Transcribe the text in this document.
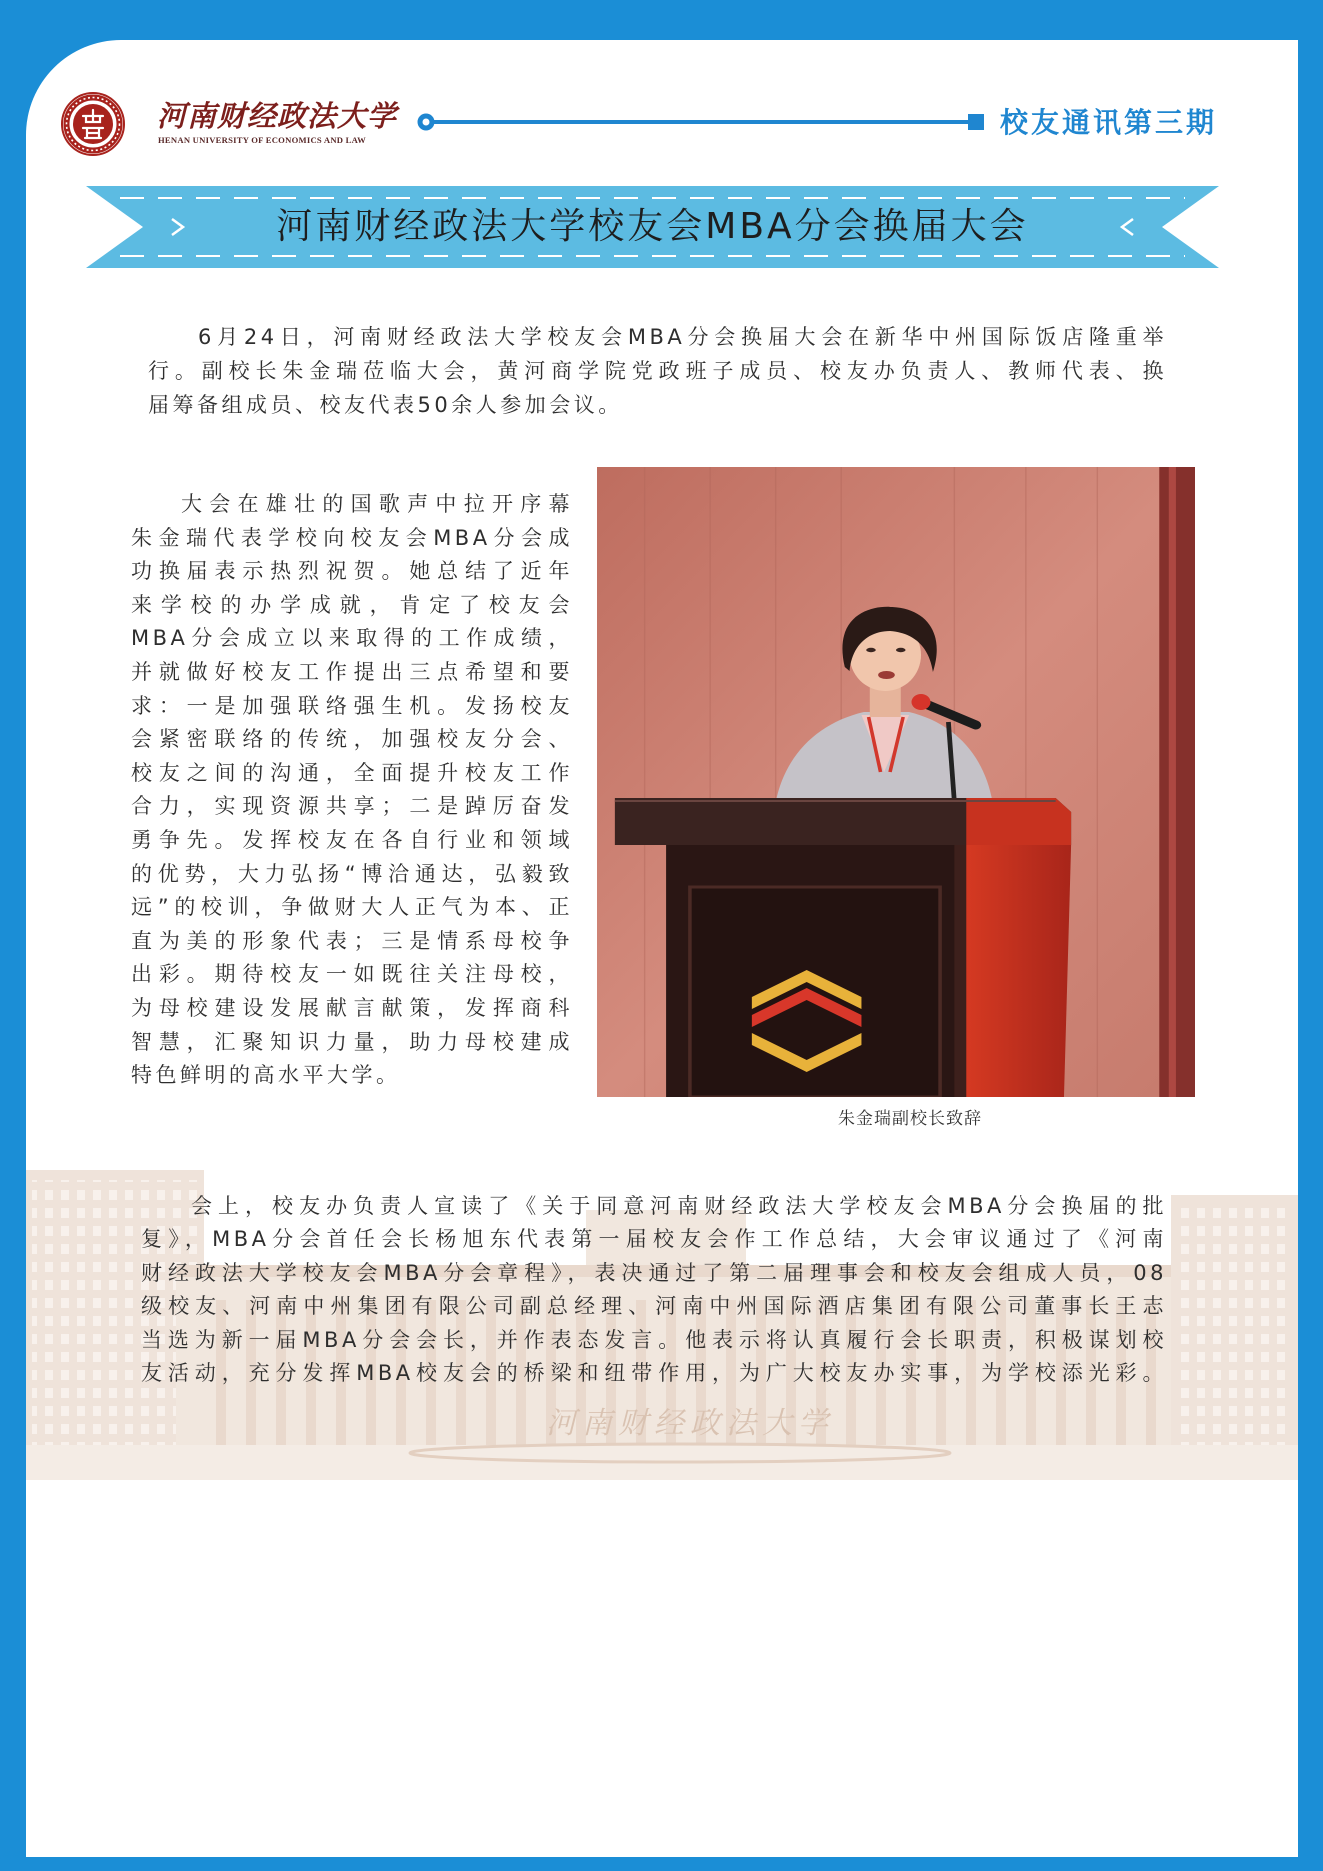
河南财经政法大学
河南财经政法大学
HENAN UNIVERSITY OF ECONOMICS AND LAW
校友通讯第三期
河南财经政法大学校友会MBA分会换届大会
6月24日，河南财经政法大学校友会MBA分会换届大会在新华中州国际饭店隆重举
行。副校长朱金瑞莅临大会，黄河商学院党政班子成员、校友办负责人、教师代表、换
届筹备组成员、校友代表50余人参加会议。
大会在雄壮的国歌声中拉开序幕
朱金瑞代表学校向校友会MBA分会成
功换届表示热烈祝贺。她总结了近年
来学校的办学成就，肯定了校友会
MBA分会成立以来取得的工作成绩，
并就做好校友工作提出三点希望和要
求：一是加强联络强生机。发扬校友
会紧密联络的传统，加强校友分会、
校友之间的沟通，全面提升校友工作
合力，实现资源共享；二是踔厉奋发
勇争先。发挥校友在各自行业和领域
的优势，大力弘扬“博洽通达，弘毅致
远”的校训，争做财大人正气为本、正
直为美的形象代表；三是情系母校争
出彩。期待校友一如既往关注母校，
为母校建设发展献言献策，发挥商科
智慧，汇聚知识力量，助力母校建成
特色鲜明的高水平大学。
朱金瑞副校长致辞
会上，校友办负责人宣读了《关于同意河南财经政法大学校友会MBA分会换届的批
复》，MBA分会首任会长杨旭东代表第一届校友会作工作总结，大会审议通过了《河南
财经政法大学校友会MBA分会章程》，表决通过了第二届理事会和校友会组成人员，08
级校友、河南中州集团有限公司副总经理、河南中州国际酒店集团有限公司董事长王志
当选为新一届MBA分会会长，并作表态发言。他表示将认真履行会长职责，积极谋划校
友活动，充分发挥MBA校友会的桥梁和纽带作用，为广大校友办实事，为学校添光彩。
